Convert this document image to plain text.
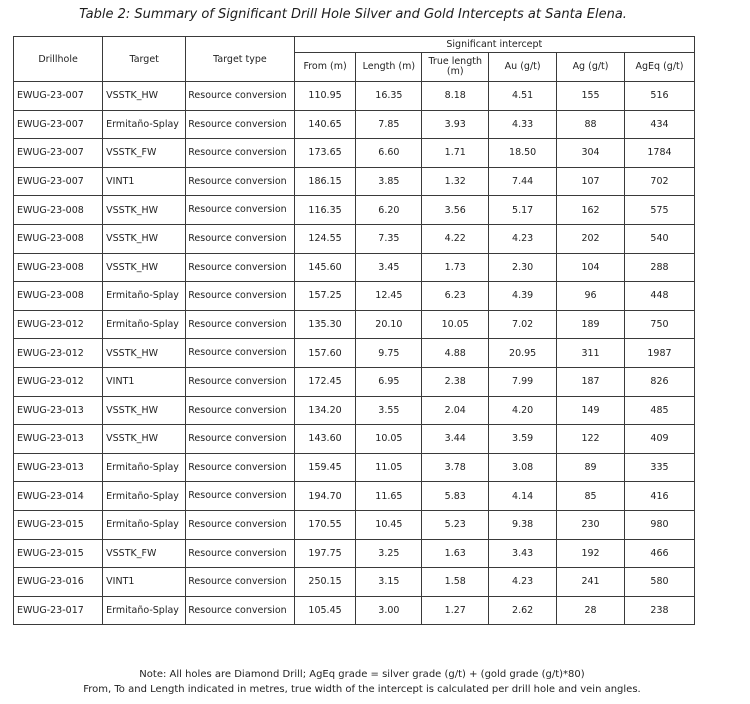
Table 2: Summary of Significant Drill Hole Silver and Gold Intercepts at Santa Elena.
Drillhole	Target	Target type	Significant intercept					
			From (m)	Length (m)	True length (m)	Au (g/t)	Ag (g/t)	AgEq (g/t)
EWUG-23-007	VSSTK_HW	Resource conversion	110.95	16.35	8.18	4.51	155	516
EWUG-23-007	Ermitaño-Splay	Resource conversion	140.65	7.85	3.93	4.33	88	434
EWUG-23-007	VSSTK_FW	Resource conversion	173.65	6.60	1.71	18.50	304	1784
EWUG-23-007	VINT1	Resource conversion	186.15	3.85	1.32	7.44	107	702
EWUG-23-008	VSSTK_HW	Resource conversion	116.35	6.20	3.56	5.17	162	575
EWUG-23-008	VSSTK_HW	Resource conversion	124.55	7.35	4.22	4.23	202	540
EWUG-23-008	VSSTK_HW	Resource conversion	145.60	3.45	1.73	2.30	104	288
EWUG-23-008	Ermitaño-Splay	Resource conversion	157.25	12.45	6.23	4.39	96	448
EWUG-23-012	Ermitaño-Splay	Resource conversion	135.30	20.10	10.05	7.02	189	750
EWUG-23-012	VSSTK_HW	Resource conversion	157.60	9.75	4.88	20.95	311	1987
EWUG-23-012	VINT1	Resource conversion	172.45	6.95	2.38	7.99	187	826
EWUG-23-013	VSSTK_HW	Resource conversion	134.20	3.55	2.04	4.20	149	485
EWUG-23-013	VSSTK_HW	Resource conversion	143.60	10.05	3.44	3.59	122	409
EWUG-23-013	Ermitaño-Splay	Resource conversion	159.45	11.05	3.78	3.08	89	335
EWUG-23-014	Ermitaño-Splay	Resource conversion	194.70	11.65	5.83	4.14	85	416
EWUG-23-015	Ermitaño-Splay	Resource conversion	170.55	10.45	5.23	9.38	230	980
EWUG-23-015	VSSTK_FW	Resource conversion	197.75	3.25	1.63	3.43	192	466
EWUG-23-016	VINT1	Resource conversion	250.15	3.15	1.58	4.23	241	580
EWUG-23-017	Ermitaño-Splay	Resource conversion	105.45	3.00	1.27	2.62	28	238
Note: All holes are Diamond Drill; AgEq grade = silver grade (g/t) + (gold grade (g/t)*80)
From, To and Length indicated in metres, true width of the intercept is calculated per drill hole and vein angles.
